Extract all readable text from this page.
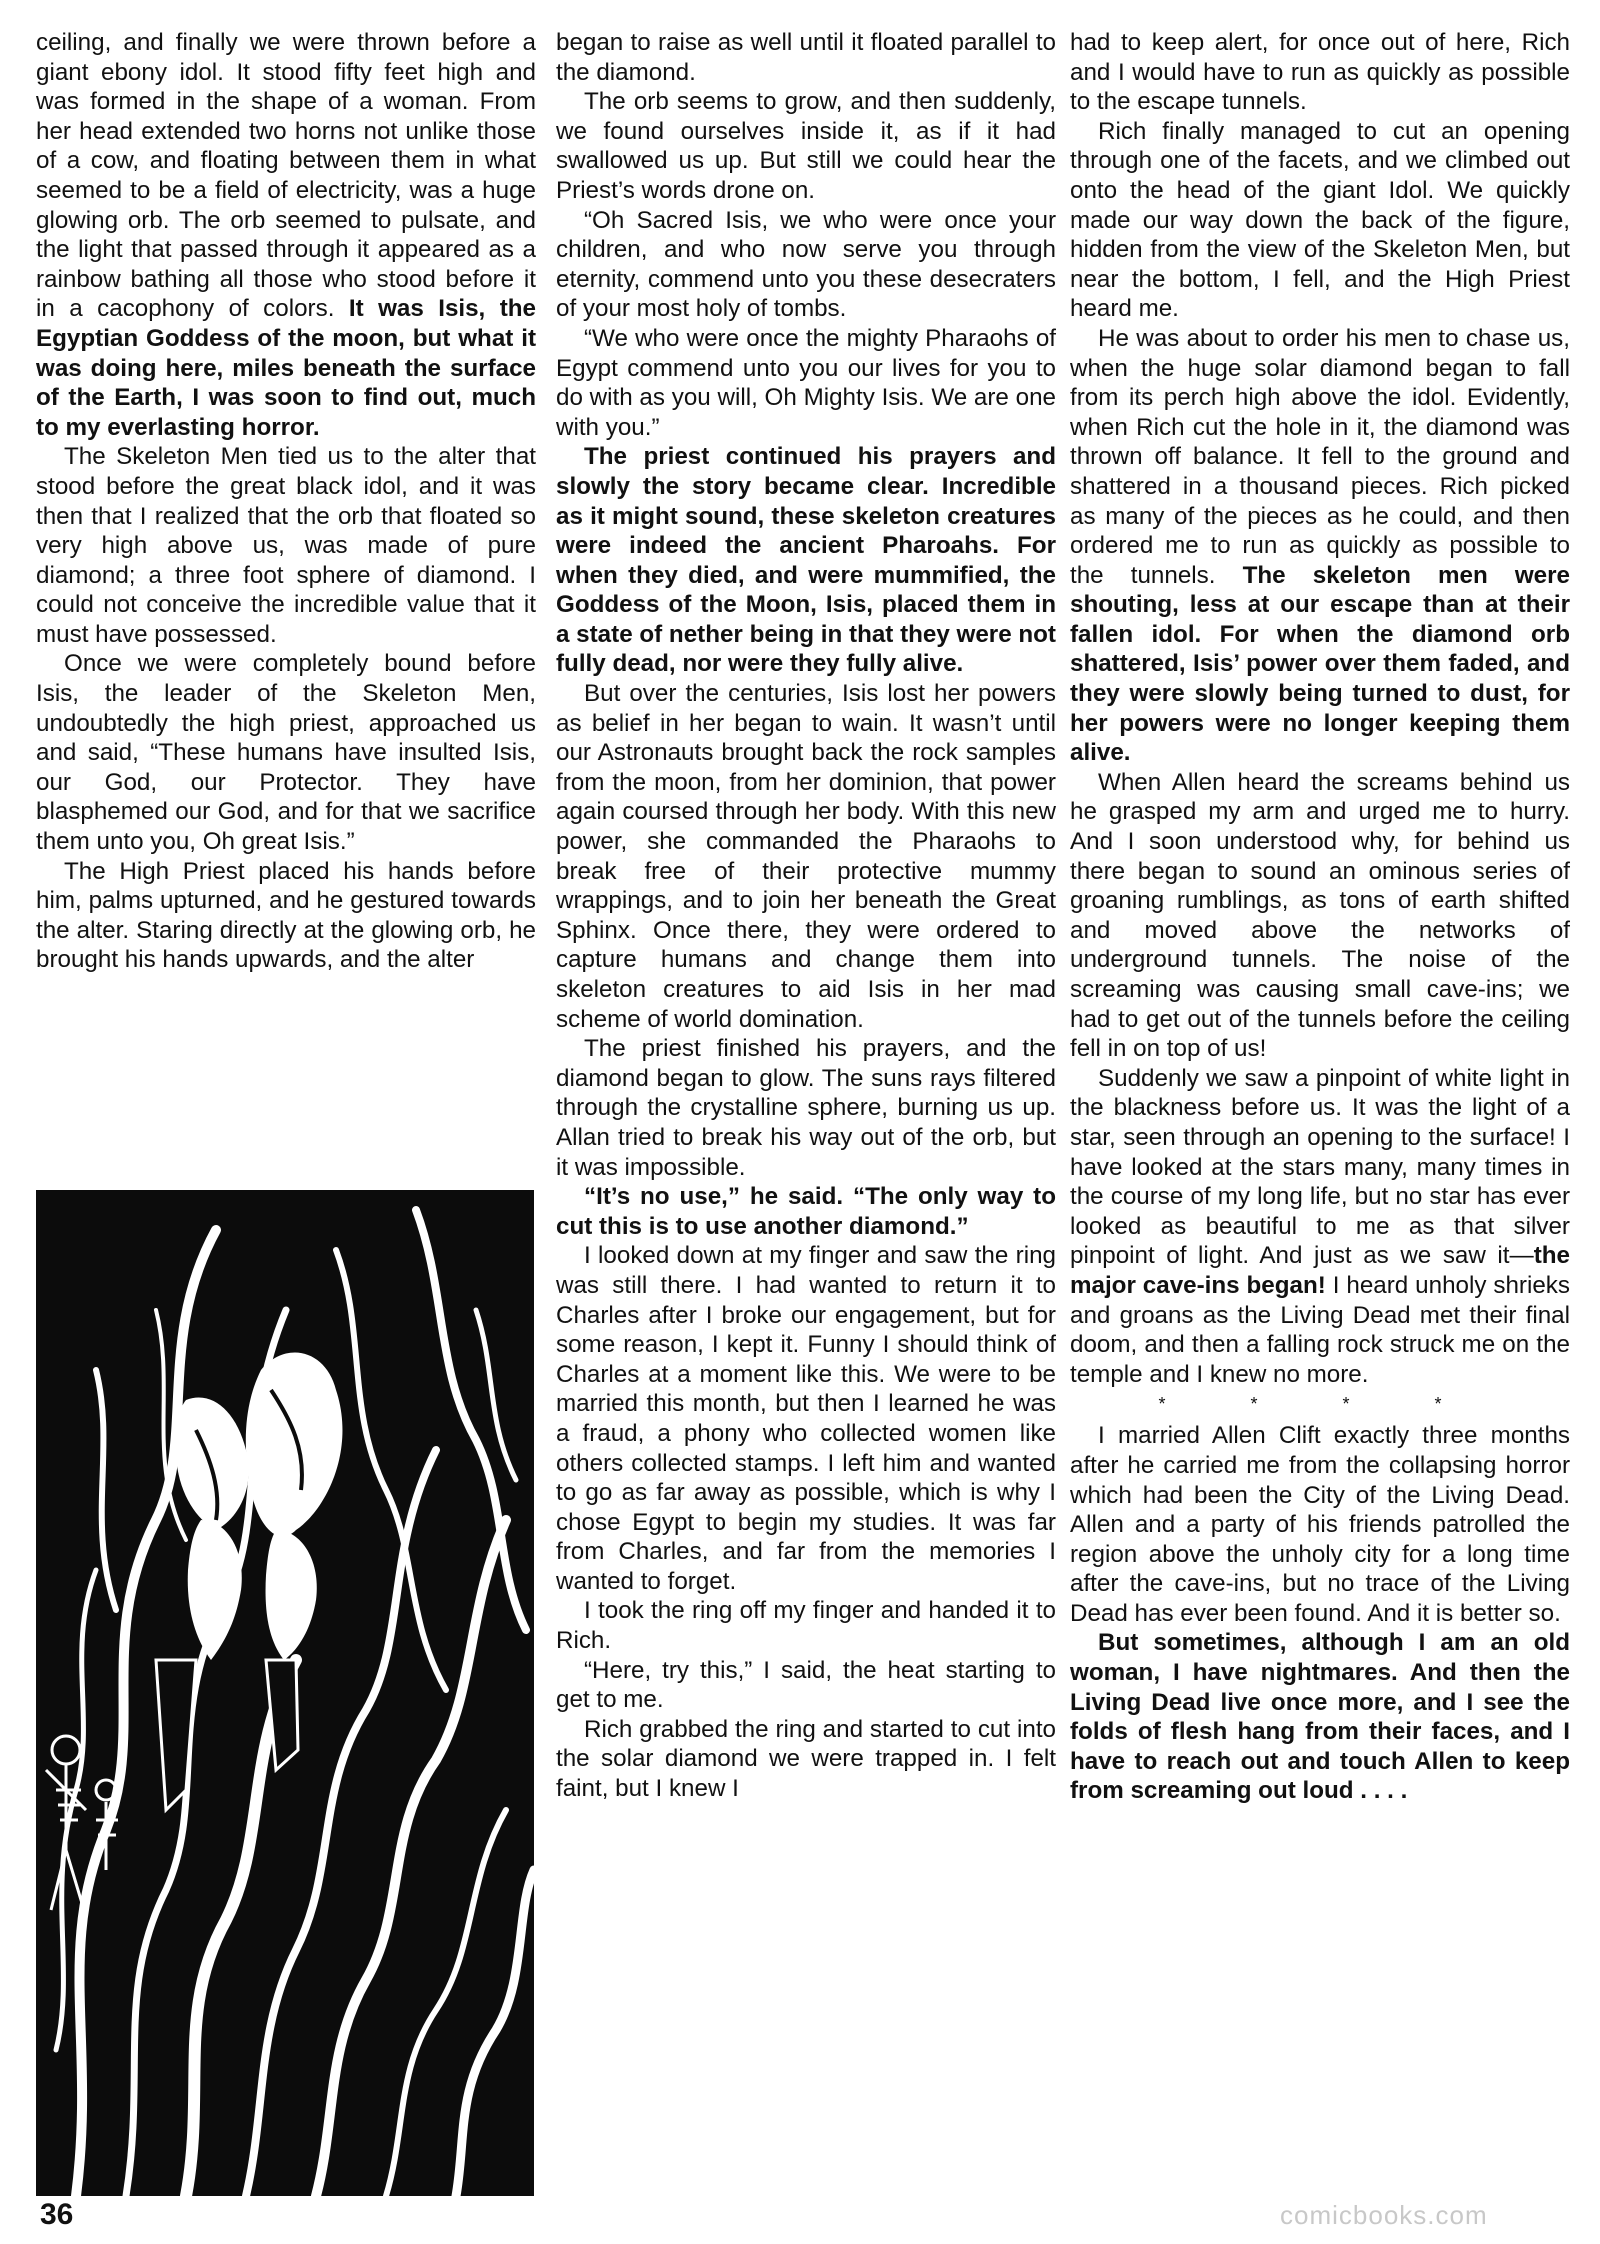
ceiling, and finally we were thrown before a giant ebony idol. It stood fifty feet high and was formed in the shape of a woman. From her head extended two horns not unlike those of a cow, and floating between them in what seemed to be a field of electricity, was a huge glowing orb. The orb seemed to pulsate, and the light that passed through it appeared as a rainbow bathing all those who stood before it in a cacophony of colors. It was Isis, the Egyptian Goddess of the moon, but what it was doing here, miles beneath the surface of the Earth, I was soon to find out, much to my everlasting horror.

The Skeleton Men tied us to the alter that stood before the great black idol, and it was then that I realized that the orb that floated so very high above us, was made of pure diamond; a three foot sphere of diamond. I could not conceive the incredible value that it must have possessed.

Once we were completely bound before Isis, the leader of the Skeleton Men, undoubtedly the high priest, approached us and said, “These humans have insulted Isis, our God, our Protector. They have blasphemed our God, and for that we sacrifice them unto you, Oh great Isis.”

The High Priest placed his hands before him, palms upturned, and he gestured towards the alter. Staring directly at the glowing orb, he brought his hands upwards, and the alter

began to raise as well until it floated parallel to the diamond.

The orb seems to grow, and then suddenly, we found ourselves inside it, as if it had swallowed us up. But still we could hear the Priest’s words drone on.

“Oh Sacred Isis, we who were once your children, and who now serve you through eternity, commend unto you these desecraters of your most holy of tombs.

“We who were once the mighty Pharaohs of Egypt commend unto you our lives for you to do with as you will, Oh Mighty Isis. We are one with you.”

The priest continued his prayers and slowly the story became clear. Incredible as it might sound, these skeleton creatures were indeed the ancient Pharoahs. For when they died, and were mummified, the Goddess of the Moon, Isis, placed them in a state of nether being in that they were not fully dead, nor were they fully alive.

But over the centuries, Isis lost her powers as belief in her began to wain. It wasn’t until our Astronauts brought back the rock samples from the moon, from her dominion, that power again coursed through her body. With this new power, she commanded the Pharaohs to break free of their protective mummy wrappings, and to join her beneath the Great Sphinx. Once there, they were ordered to capture humans and change them into skeleton creatures to aid Isis in her mad scheme of world domination.

The priest finished his prayers, and the diamond began to glow. The suns rays filtered through the crystalline sphere, burning us up. Allan tried to break his way out of the orb, but it was impossible.

“It’s no use,” he said. “The only way to cut this is to use another diamond.”

I looked down at my finger and saw the ring was still there. I had wanted to return it to Charles after I broke our engagement, but for some reason, I kept it. Funny I should think of Charles at a moment like this. We were to be married this month, but then I learned he was a fraud, a phony who collected women like others collected stamps. I left him and wanted to go as far away as possible, which is why I chose Egypt to begin my studies. It was far from Charles, and far from the memories I wanted to forget.

I took the ring off my finger and handed it to Rich.

“Here, try this,” I said, the heat starting to get to me.

Rich grabbed the ring and started to cut into the solar diamond we were trapped in. I felt faint, but I knew I

had to keep alert, for once out of here, Rich and I would have to run as quickly as possible to the escape tunnels.

Rich finally managed to cut an opening through one of the facets, and we climbed out onto the head of the giant Idol. We quickly made our way down the back of the figure, hidden from the view of the Skeleton Men, but near the bottom, I fell, and the High Priest heard me.

He was about to order his men to chase us, when the huge solar diamond began to fall from its perch high above the idol. Evidently, when Rich cut the hole in it, the diamond was thrown off balance. It fell to the ground and shattered in a thousand pieces. Rich picked as many of the pieces as he could, and then ordered me to run as quickly as possible to the tunnels. The skeleton men were shouting, less at our escape than at their fallen idol. For when the diamond orb shattered, Isis’ power over them faded, and they were slowly being turned to dust, for her powers were no longer keeping them alive.

When Allen heard the screams behind us he grasped my arm and urged me to hurry. And I soon understood why, for behind us there began to sound an ominous series of groaning rumblings, as tons of earth shifted and moved above the networks of underground tunnels. The noise of the screaming was causing small cave-ins; we had to get out of the tunnels before the ceiling fell in on top of us!

Suddenly we saw a pinpoint of white light in the blackness before us. It was the light of a star, seen through an opening to the surface! I have looked at the stars many, many times in the course of my long life, but no star has ever looked as beautiful to me as that silver pinpoint of light. And just as we saw it—the major cave-ins began! I heard unholy shrieks and groans as the Living Dead met their final doom, and then a falling rock struck me on the temple and I knew no more.

* * * *

I married Allen Clift exactly three months after he carried me from the collapsing horror which had been the City of the Living Dead. Allen and a party of his friends patrolled the region above the unholy city for a long time after the cave-ins, but no trace of the Living Dead has ever been found. And it is better so.

But sometimes, although I am an old woman, I have nightmares. And then the Living Dead live once more, and I see the folds of flesh hang from their faces, and I have to reach out and touch Allen to keep from screaming out loud . . . .

36	comicbooks.com
